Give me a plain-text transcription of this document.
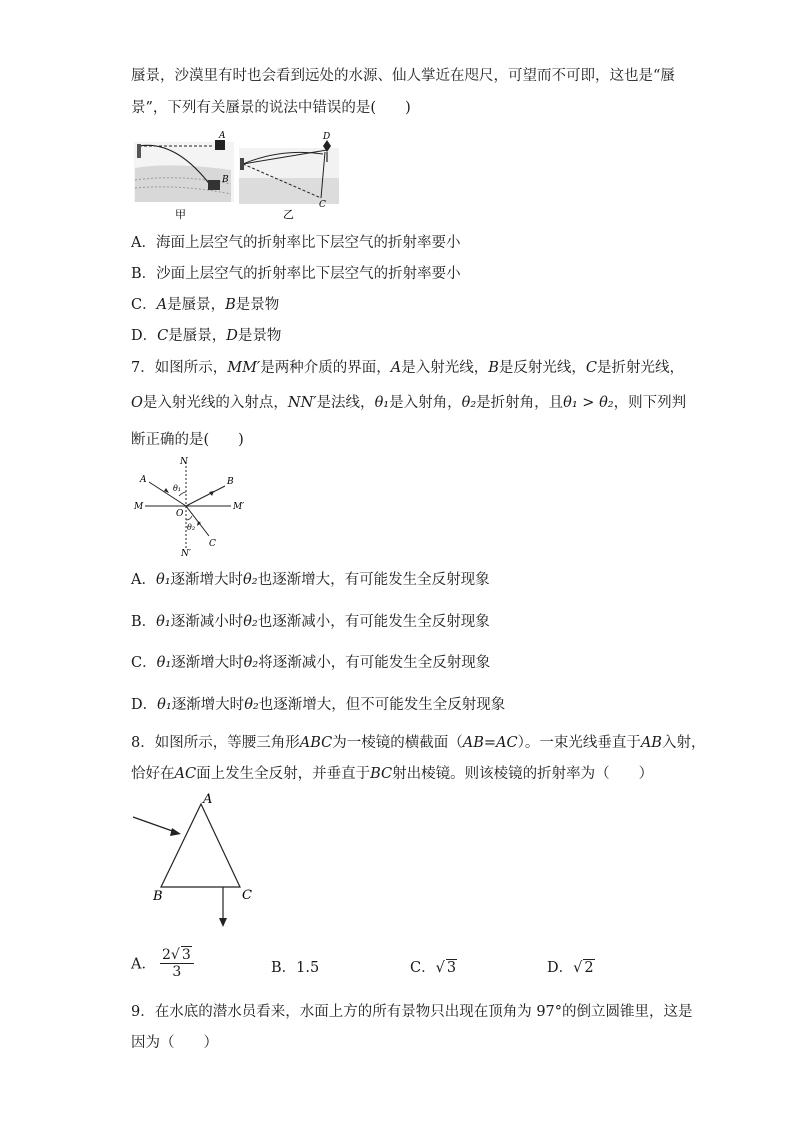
蜃景，沙漠里有时也会看到远处的水源、仙人掌近在咫尺，可望而不可即，这也是“蜃
景”，下列有关蜃景的说法中错误的是(　　)
A
B
甲
D
C
乙
A．海面上层空气的折射率比下层空气的折射率要小
B．沙面上层空气的折射率比下层空气的折射率要小
C．A是蜃景，B是景物
D．C是蜃景，D是景物
7．如图所示，MM′是两种介质的界面，A是入射光线，B是反射光线，C是折射光线，
O是入射光线的入射点，NN′是法线，θ₁是入射角，θ₂是折射角，且θ₁ > θ₂，则下列判
断正确的是(　　)
N
N′
M	M′
A	B
C
O
θ₁
θ₂
A．θ₁逐渐增大时θ₂也逐渐增大，有可能发生全反射现象
B．θ₁逐渐减小时θ₂也逐渐减小，有可能发生全反射现象
C．θ₁逐渐增大时θ₂将逐渐减小，有可能发生全反射现象
D．θ₁逐渐增大时θ₂也逐渐增大，但不可能发生全反射现象
8．如图所示，等腰三角形ABC为一棱镜的横截面（AB=AC）。一束光线垂直于AB入射，
恰好在AC面上发生全反射，并垂直于BC射出棱镜。则该棱镜的折射率为（　　）
A
B	C
A． $\frac{2√ 3}{3}$	B．1.5	C．√ 3	D．√ 2
9．在水底的潜水员看来，水面上方的所有景物只出现在顶角为 97°的倒立圆锥里，这是
因为（　　）
